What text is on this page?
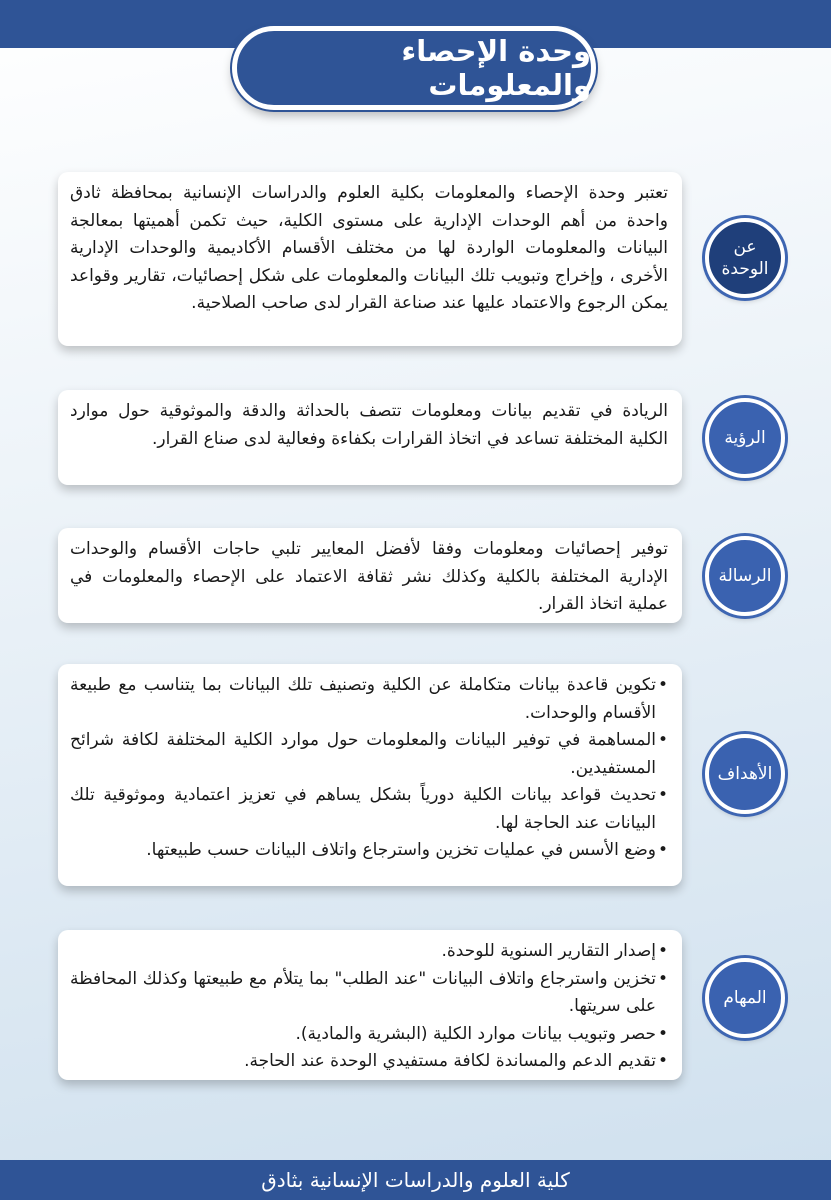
وحدة الإحصاء والمعلومات
تعتبر وحدة الإحصاء والمعلومات بكلية العلوم والدراسات الإنسانية بمحافظة ثادق واحدة من أهم الوحدات الإدارية على مستوى الكلية، حيث تكمن أهميتها بمعالجة البيانات والمعلومات الواردة لها من مختلف الأقسام الأكاديمية والوحدات الإدارية الأخرى ، وإخراج وتبويب تلك البيانات والمعلومات على شكل إحصائيات، تقارير وقواعد يمكن الرجوع والاعتماد عليها عند صناعة القرار لدى صاحب الصلاحية.
عن الوحدة
الريادة في تقديم بيانات ومعلومات تتصف بالحداثة والدقة والموثوقية حول موارد الكلية المختلفة تساعد في اتخاذ القرارات بكفاءة وفعالية لدى صناع القرار.	الرؤية
توفير إحصائيات ومعلومات وفقا لأفضل المعايير تلبي حاجات الأقسام والوحدات الإدارية المختلفة بالكلية وكذلك نشر ثقافة الاعتماد على الإحصاء والمعلومات في عملية اتخاذ القرار.
الرسالة
• تكوين قاعدة بيانات متكاملة عن الكلية وتصنيف تلك البيانات بما يتناسب مع طبيعة الأقسام والوحدات.
• المساهمة في توفير البيانات والمعلومات حول موارد الكلية المختلفة لكافة شرائح المستفيدين.
• تحديث قواعد بيانات الكلية دورياً بشكل يساهم في تعزيز اعتمادية وموثوقية تلك البيانات عند الحاجة لها.
• وضع الأسس في عمليات تخزين واسترجاع واتلاف البيانات حسب طبيعتها.
الأهداف
• إصدار التقارير السنوية للوحدة.
• تخزين واسترجاع واتلاف البيانات "عند الطلب" بما يتلأم مع طبيعتها وكذلك المحافظة على سريتها.
• حصر وتبويب بيانات موارد الكلية (البشرية والمادية).
• تقديم الدعم والمساندة لكافة مستفيدي الوحدة عند الحاجة.
المهام
كلية العلوم والدراسات الإنسانية بثادق
